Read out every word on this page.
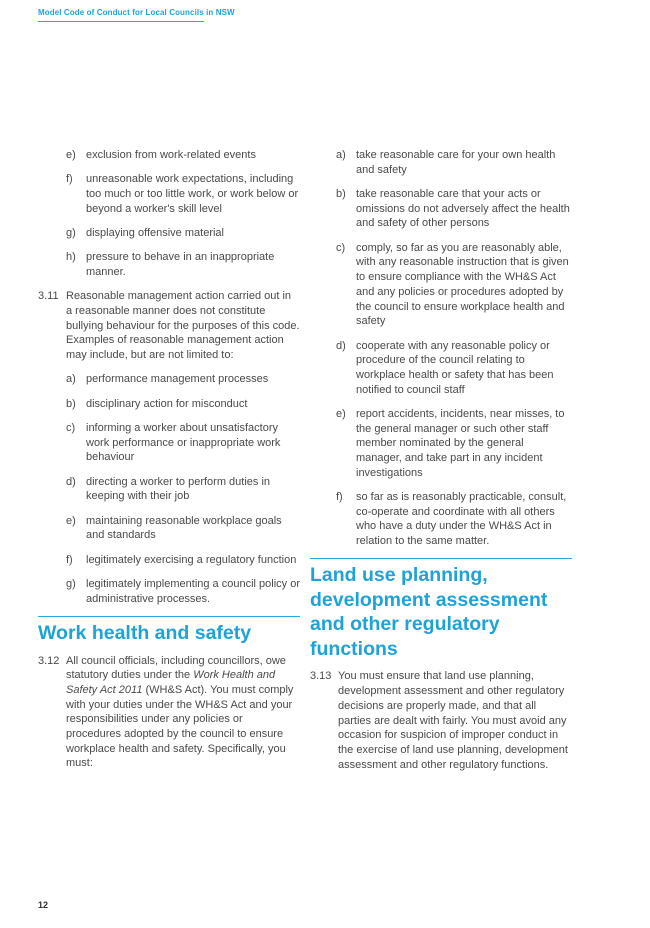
Model Code of Conduct for Local Councils in NSW
e) exclusion from work-related events
f) unreasonable work expectations, including too much or too little work, or work below or beyond a worker's skill level
g) displaying offensive material
h) pressure to behave in an inappropriate manner.
3.11 Reasonable management action carried out in a reasonable manner does not constitute bullying behaviour for the purposes of this code. Examples of reasonable management action may include, but are not limited to:
a) performance management processes
b) disciplinary action for misconduct
c) informing a worker about unsatisfactory work performance or inappropriate work behaviour
d) directing a worker to perform duties in keeping with their job
e) maintaining reasonable workplace goals and standards
f) legitimately exercising a regulatory function
g) legitimately implementing a council policy or administrative processes.
Work health and safety
3.12 All council officials, including councillors, owe statutory duties under the Work Health and Safety Act 2011 (WH&S Act). You must comply with your duties under the WH&S Act and your responsibilities under any policies or procedures adopted by the council to ensure workplace health and safety. Specifically, you must:
a) take reasonable care for your own health and safety
b) take reasonable care that your acts or omissions do not adversely affect the health and safety of other persons
c) comply, so far as you are reasonably able, with any reasonable instruction that is given to ensure compliance with the WH&S Act and any policies or procedures adopted by the council to ensure workplace health and safety
d) cooperate with any reasonable policy or procedure of the council relating to workplace health or safety that has been notified to council staff
e) report accidents, incidents, near misses, to the general manager or such other staff member nominated by the general manager, and take part in any incident investigations
f) so far as is reasonably practicable, consult, co-operate and coordinate with all others who have a duty under the WH&S Act in relation to the same matter.
Land use planning, development assessment and other regulatory functions
3.13 You must ensure that land use planning, development assessment and other regulatory decisions are properly made, and that all parties are dealt with fairly. You must avoid any occasion for suspicion of improper conduct in the exercise of land use planning, development assessment and other regulatory functions.
12
